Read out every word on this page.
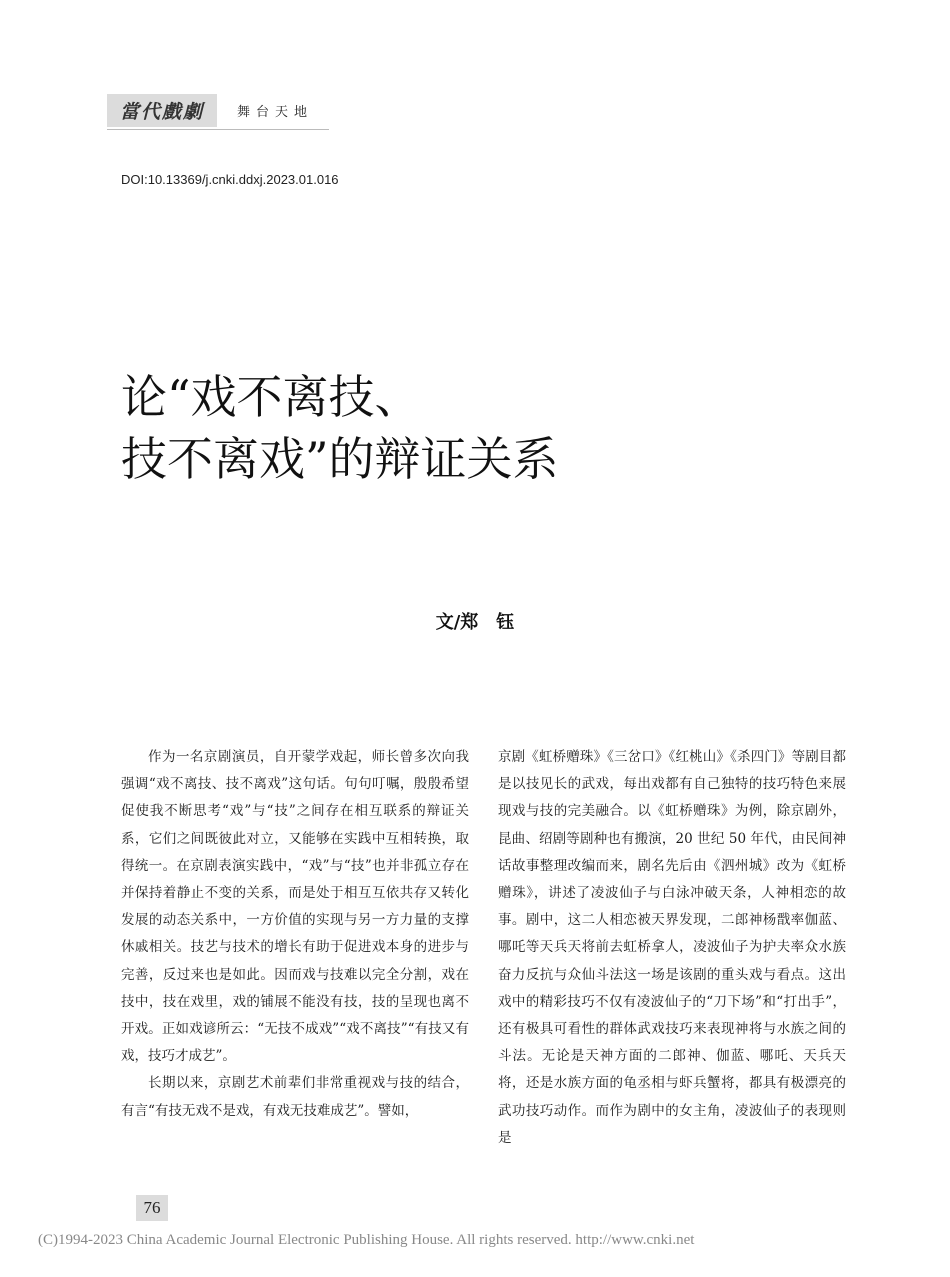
當代戲劇	舞台天地
DOI:10.13369/j.cnki.ddxj.2023.01.016
论“戏不离技、
技不离戏”的辩证关系
文/郑　钰

作为一名京剧演员，自开蒙学戏起，师长曾多次向我强调“戏不离技、技不离戏”这句话。句句叮嘱，殷殷希望促使我不断思考“戏”与“技”之间存在相互联系的辩证关系，它们之间既彼此对立，又能够在实践中互相转换，取得统一。在京剧表演实践中，“戏”与“技”也并非孤立存在并保持着静止不变的关系，而是处于相互互依共存又转化发展的动态关系中，一方价值的实现与另一方力量的支撑休戚相关。技艺与技术的增长有助于促进戏本身的进步与完善，反过来也是如此。因而戏与技难以完全分割，戏在技中，技在戏里，戏的铺展不能没有技，技的呈现也离不开戏。正如戏谚所云：“无技不成戏”“戏不离技”“有技又有戏，技巧才成艺”。

长期以来，京剧艺术前辈们非常重视戏与技的结合，有言“有技无戏不是戏，有戏无技难成艺”。譬如，

京剧《虹桥赠珠》《三岔口》《红桃山》《杀四门》等剧目都是以技见长的武戏，每出戏都有自己独特的技巧特色来展现戏与技的完美融合。以《虹桥赠珠》为例，除京剧外，昆曲、绍剧等剧种也有搬演，20 世纪 50 年代，由民间神话故事整理改编而来，剧名先后由《泗州城》改为《虹桥赠珠》，讲述了凌波仙子与白泳冲破天条，人神相恋的故事。剧中，这二人相恋被天界发现，二郎神杨戬率伽蓝、哪吒等天兵天将前去虹桥拿人，凌波仙子为护夫率众水族奋力反抗与众仙斗法这一场是该剧的重头戏与看点。这出戏中的精彩技巧不仅有凌波仙子的“刀下场”和“打出手”，还有极具可看性的群体武戏技巧来表现神将与水族之间的斗法。无论是天神方面的二郎神、伽蓝、哪吒、天兵天将，还是水族方面的龟丞相与虾兵蟹将，都具有极漂亮的武功技巧动作。而作为剧中的女主角，凌波仙子的表现则是

76
(C)1994-2023 China Academic Journal Electronic Publishing House. All rights reserved. http://www.cnki.net
